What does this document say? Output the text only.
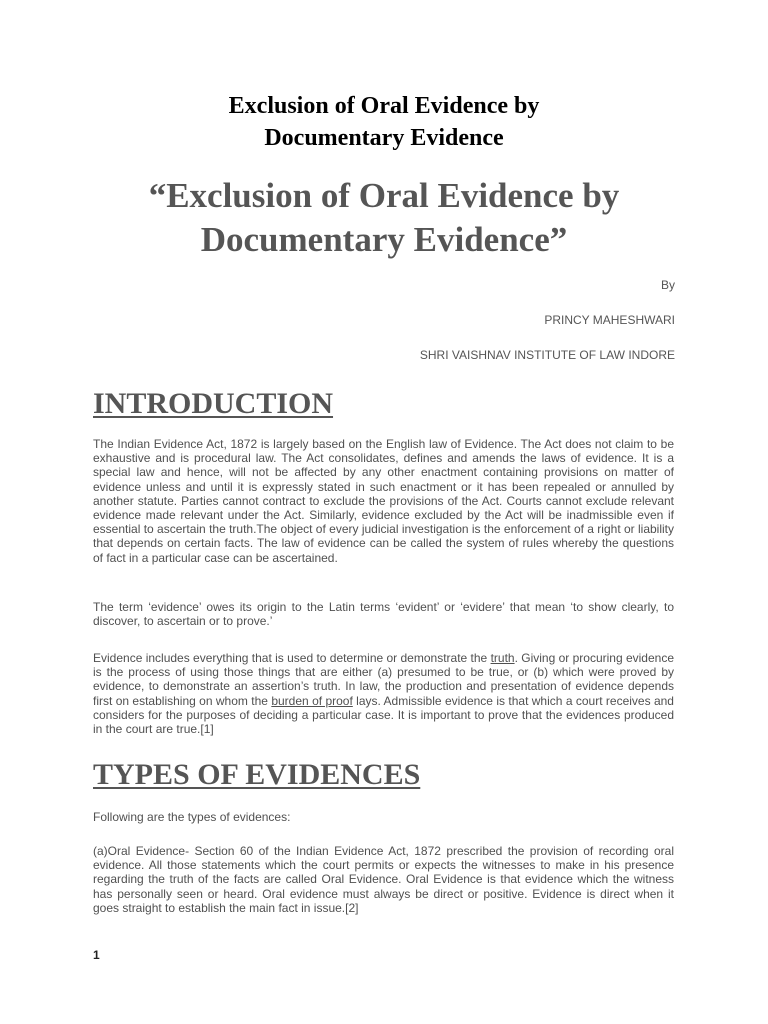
Exclusion of Oral Evidence by Documentary Evidence
“Exclusion of Oral Evidence by Documentary Evidence”

By

PRINCY MAHESHWARI

SHRI VAISHNAV INSTITUTE OF LAW INDORE

INTRODUCTION

The Indian Evidence Act, 1872 is largely based on the English law of Evidence. The Act does not claim to be exhaustive and is procedural law. The Act consolidates, defines and amends the laws of evidence. It is a special law and hence, will not be affected by any other enactment containing provisions on matter of evidence unless and until it is expressly stated in such enactment or it has been repealed or annulled by another statute. Parties cannot contract to exclude the provisions of the Act. Courts cannot exclude relevant evidence made relevant under the Act. Similarly, evidence excluded by the Act will be inadmissible even if essential to ascertain the truth.The object of every judicial investigation is the enforcement of a right or liability that depends on certain facts. The law of evidence can be called the system of rules whereby the questions of fact in a particular case can be ascertained.

The term ‘evidence’ owes its origin to the Latin terms ‘evident’ or ‘evidere’ that mean ‘to show clearly, to discover, to ascertain or to prove.’

Evidence includes everything that is used to determine or demonstrate the truth. Giving or procuring evidence is the process of using those things that are either (a) presumed to be true, or (b) which were proved by evidence, to demonstrate an assertion’s truth. In law, the production and presentation of evidence depends first on establishing on whom the burden of proof lays. Admissible evidence is that which a court receives and considers for the purposes of deciding a particular case. It is important to prove that the evidences produced in the court are true.[1]

TYPES OF EVIDENCES

Following are the types of evidences:

(a)Oral Evidence- Section 60 of the Indian Evidence Act, 1872 prescribed the provision of recording oral evidence. All those statements which the court permits or expects the witnesses to make in his presence regarding the truth of the facts are called Oral Evidence. Oral Evidence is that evidence which the witness has personally seen or heard. Oral evidence must always be direct or positive. Evidence is direct when it goes straight to establish the main fact in issue.[2]

1
